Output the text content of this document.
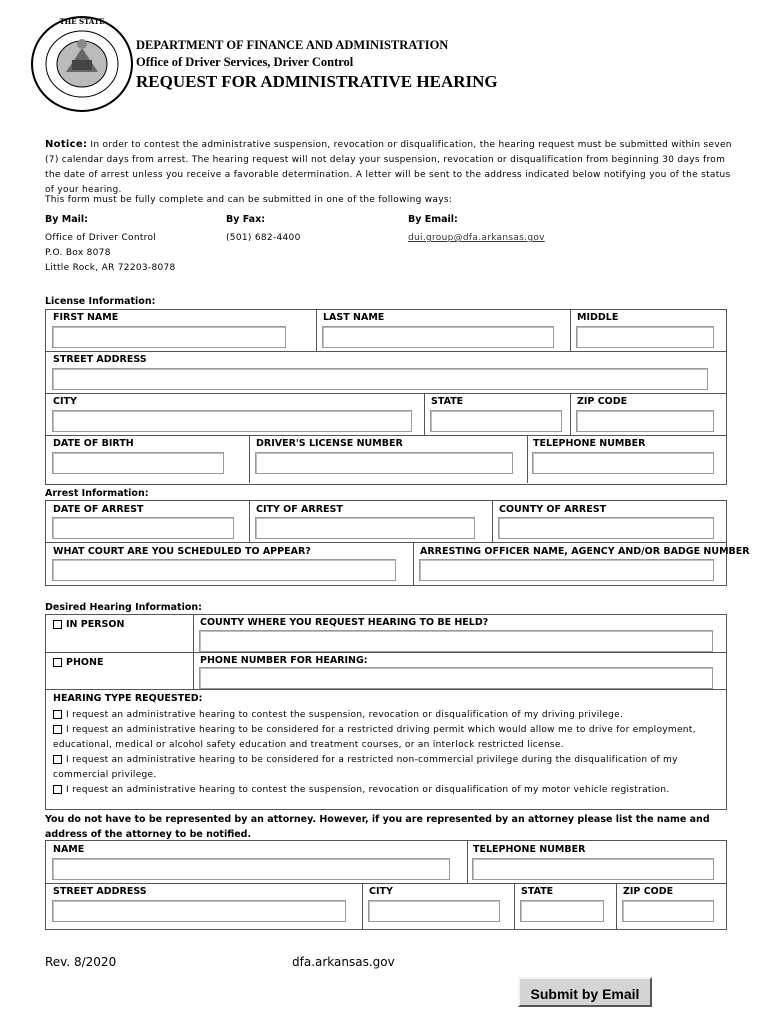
THE STATE
DEPARTMENT OF FINANCE AND ADMINISTRATION
Office of Driver Services, Driver Control
REQUEST FOR ADMINISTRATIVE HEARING
Notice: In order to contest the administrative suspension, revocation or disqualification, the hearing request must be submitted within seven (7) calendar days from arrest. The hearing request will not delay your suspension, revocation or disqualification from beginning 30 days from the date of arrest unless you receive a favorable determination. A letter will be sent to the address indicated below notifying you of the status of your hearing.
This form must be fully complete and can be submitted in one of the following ways:
By Mail:	By Fax:	By Email:
Office of Driver Control
P.O. Box 8078
Little Rock, AR 72203-8078
(501) 682-4400	dui.group@dfa.arkansas.gov
License Information:
FIRST NAME	LAST NAME	MIDDLE
STREET ADDRESS
CITY	STATE	ZIP CODE
DATE OF BIRTH	DRIVER'S LICENSE NUMBER	TELEPHONE NUMBER
Arrest Information:
DATE OF ARREST	CITY OF ARREST	COUNTY OF ARREST
WHAT COURT ARE YOU SCHEDULED TO APPEAR?	ARRESTING OFFICER NAME, AGENCY AND/OR BADGE NUMBER
Desired Hearing Information:
IN PERSON	COUNTY WHERE YOU REQUEST HEARING TO BE HELD?
PHONE	PHONE NUMBER FOR HEARING:
HEARING TYPE REQUESTED:
I request an administrative hearing to contest the suspension, revocation or disqualification of my driving privilege.
I request an administrative hearing to be considered for a restricted driving permit which would allow me to drive for employment, educational, medical or alcohol safety education and treatment courses, or an interlock restricted license.
I request an administrative hearing to be considered for a restricted non-commercial privilege during the disqualification of my commercial privilege.
I request an administrative hearing to contest the suspension, revocation or disqualification of my motor vehicle registration.
You do not have to be represented by an attorney. However, if you are represented by an attorney please list the name and address of the attorney to be notified.
NAME	TELEPHONE NUMBER
STREET ADDRESS	CITY	STATE	ZIP CODE
Rev. 8/2020	dfa.arkansas.gov
Submit by Email
